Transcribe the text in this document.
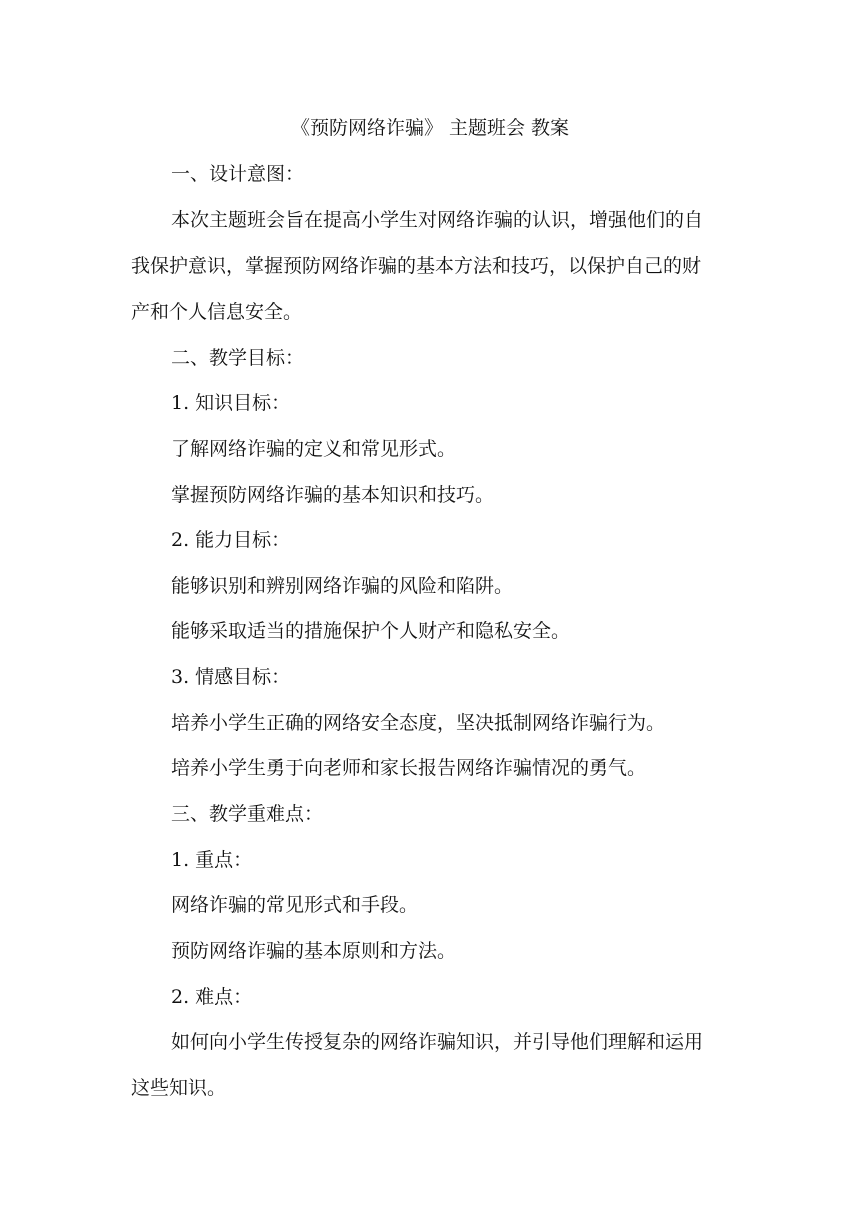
《预防网络诈骗》 主题班会 教案
一、设计意图：
本次主题班会旨在提高小学生对网络诈骗的认识，增强他们的自
我保护意识，掌握预防网络诈骗的基本方法和技巧，以保护自己的财
产和个人信息安全。
二、教学目标：
1. 知识目标：
了解网络诈骗的定义和常见形式。
掌握预防网络诈骗的基本知识和技巧。
2. 能力目标：
能够识别和辨别网络诈骗的风险和陷阱。
能够采取适当的措施保护个人财产和隐私安全。
3. 情感目标：
培养小学生正确的网络安全态度，坚决抵制网络诈骗行为。
培养小学生勇于向老师和家长报告网络诈骗情况的勇气。
三、教学重难点：
1. 重点：
网络诈骗的常见形式和手段。
预防网络诈骗的基本原则和方法。
2. 难点：
如何向小学生传授复杂的网络诈骗知识，并引导他们理解和运用
这些知识。
